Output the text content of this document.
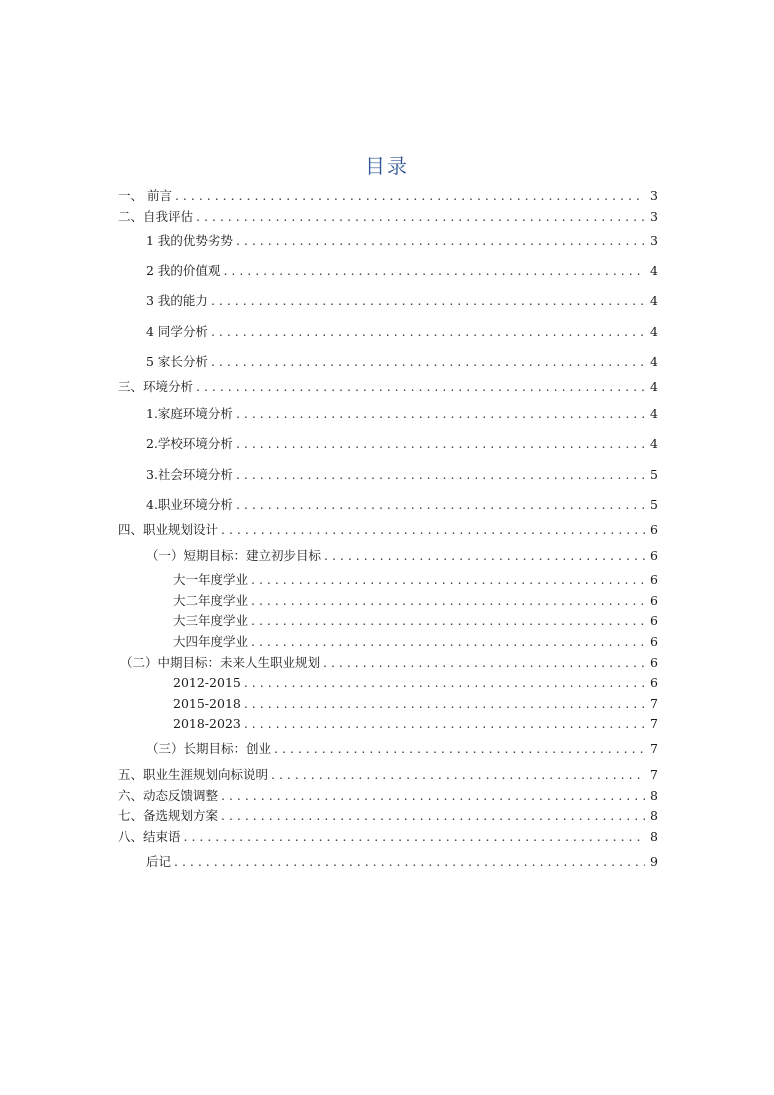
目录
一、 前言 . . .	3
二、自我评估 . . .	3
1 我的优势劣势 . . .	3
2 我的价值观 . . .	4
3 我的能力 . . .	4
4 同学分析 . . .	4
5 家长分析 . . .	4
三、环境分析 . . .	4
1.家庭环境分析 . . .	4
2.学校环境分析 . . .	4
3.社会环境分析 . . .	5
4.职业环境分析 . . .	5
四、职业规划设计 . . .	6
（一）短期目标：建立初步目标 . . .	6
大一年度学业 . . .	6
大二年度学业 . . .	6
大三年度学业 . . .	6
大四年度学业 . . .	6
（二）中期目标：未来人生职业规划 . . .	6
2012-2015 . . .	6
2015-2018 . . .	7
2018-2023 . . .	7
（三）长期目标：创业 . . .	7
五、职业生涯规划向标说明 . . .	7
六、动态反馈调整 . . .	8
七、备选规划方案 . . .	8
八、结束语 . . .	8
后记 . . .	9
